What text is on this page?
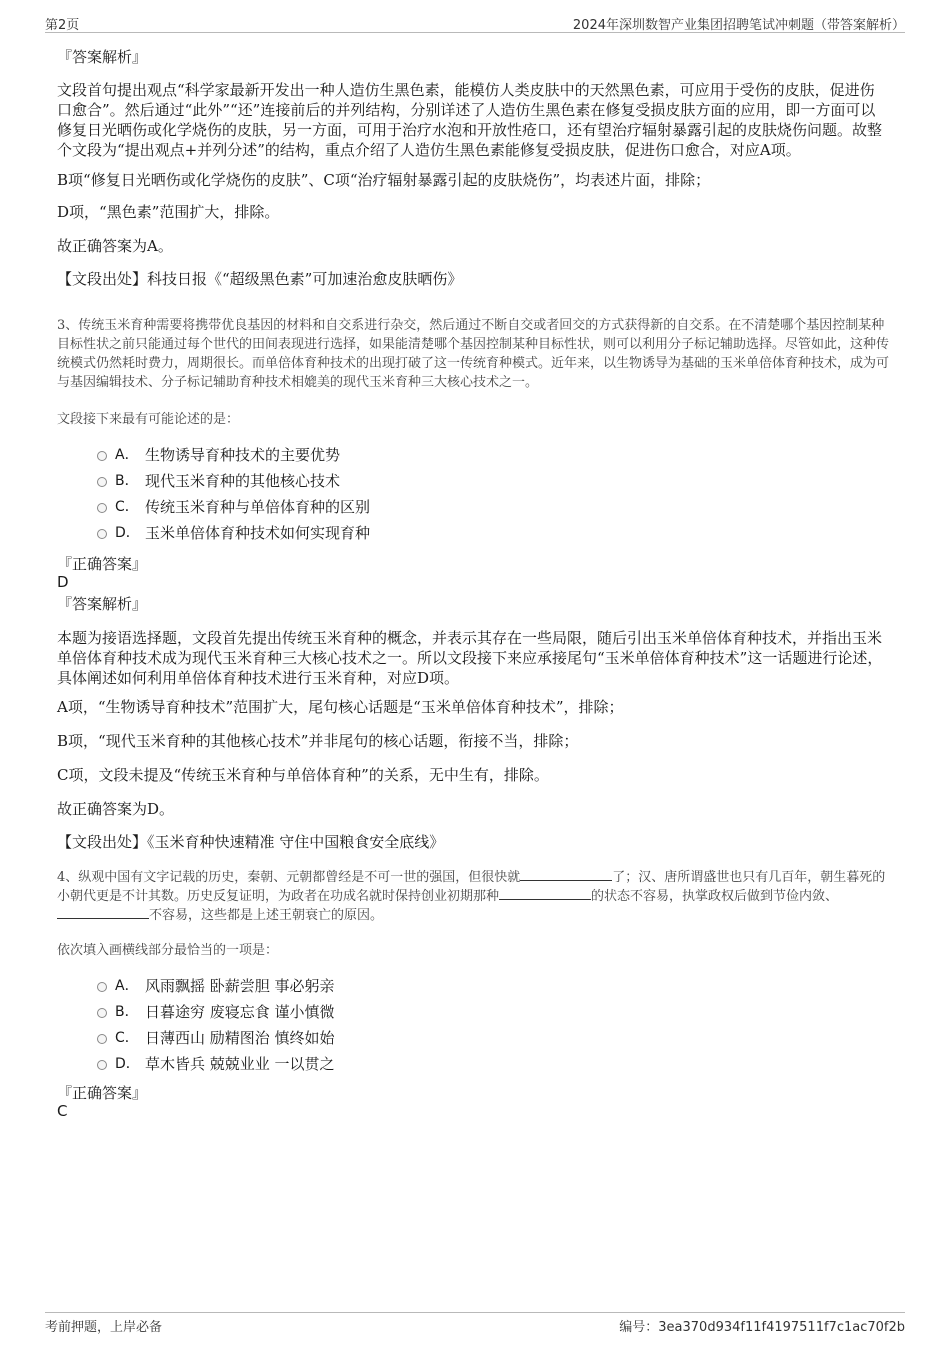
第2页	2024年深圳数智产业集团招聘笔试冲刺题（带答案解析）

『答案解析』

文段首句提出观点“科学家最新开发出一种人造仿生黑色素，能模仿人类皮肤中的天然黑色素，可应用于受伤的皮肤，促进伤口愈合”。然后通过“此外”“还”连接前后的并列结构，分别详述了人造仿生黑色素在修复受损皮肤方面的应用，即一方面可以修复日光晒伤或化学烧伤的皮肤，另一方面，可用于治疗水泡和开放性疮口，还有望治疗辐射暴露引起的皮肤烧伤问题。故整个文段为“提出观点+并列分述”的结构，重点介绍了人造仿生黑色素能修复受损皮肤，促进伤口愈合，对应A项。

B项“修复日光晒伤或化学烧伤的皮肤”、C项“治疗辐射暴露引起的皮肤烧伤”，均表述片面，排除；

D项，“黑色素”范围扩大，排除。

故正确答案为A。

【文段出处】科技日报《“超级黑色素”可加速治愈皮肤晒伤》

3、传统玉米育种需要将携带优良基因的材料和自交系进行杂交，然后通过不断自交或者回交的方式获得新的自交系。在不清楚哪个基因控制某种目标性状之前只能通过每个世代的田间表现进行选择，如果能清楚哪个基因控制某种目标性状，则可以利用分子标记辅助选择。尽管如此，这种传统模式仍然耗时费力，周期很长。而单倍体育种技术的出现打破了这一传统育种模式。近年来，以生物诱导为基础的玉米单倍体育种技术，成为可与基因编辑技术、分子标记辅助育种技术相媲美的现代玉米育种三大核心技术之一。

文段接下来最有可能论述的是：

A． 生物诱导育种技术的主要优势
B． 现代玉米育种的其他核心技术
C． 传统玉米育种与单倍体育种的区别
D． 玉米单倍体育种技术如何实现育种

『正确答案』

D

『答案解析』

本题为接语选择题，文段首先提出传统玉米育种的概念，并表示其存在一些局限，随后引出玉米单倍体育种技术，并指出玉米单倍体育种技术成为现代玉米育种三大核心技术之一。所以文段接下来应承接尾句“玉米单倍体育种技术”这一话题进行论述，具体阐述如何利用单倍体育种技术进行玉米育种，对应D项。

A项，“生物诱导育种技术”范围扩大，尾句核心话题是“玉米单倍体育种技术”，排除；

B项，“现代玉米育种的其他核心技术”并非尾句的核心话题，衔接不当，排除；

C项，文段未提及“传统玉米育种与单倍体育种”的关系，无中生有，排除。

故正确答案为D。

【文段出处】《玉米育种快速精准 守住中国粮食安全底线》

4、纵观中国有文字记载的历史，秦朝、元朝都曾经是不可一世的强国，但很快就	了；汉、唐所谓盛世也只有几百年，朝生暮死的小朝代更是不计其数。历史反复证明，为政者在功成名就时保持创业初期那种	的状态不容易，执掌政权后做到节俭内敛、不容易，这些都是上述王朝衰亡的原因。

依次填入画横线部分最恰当的一项是：

A． 风雨飘摇 卧薪尝胆 事必躬亲
B． 日暮途穷 废寝忘食 谨小慎微
C． 日薄西山 励精图治 慎终如始
D． 草木皆兵 兢兢业业 一以贯之

『正确答案』

C

考前押题，上岸必备	编号：3ea370d934f11f4197511f7c1ac70f2b
